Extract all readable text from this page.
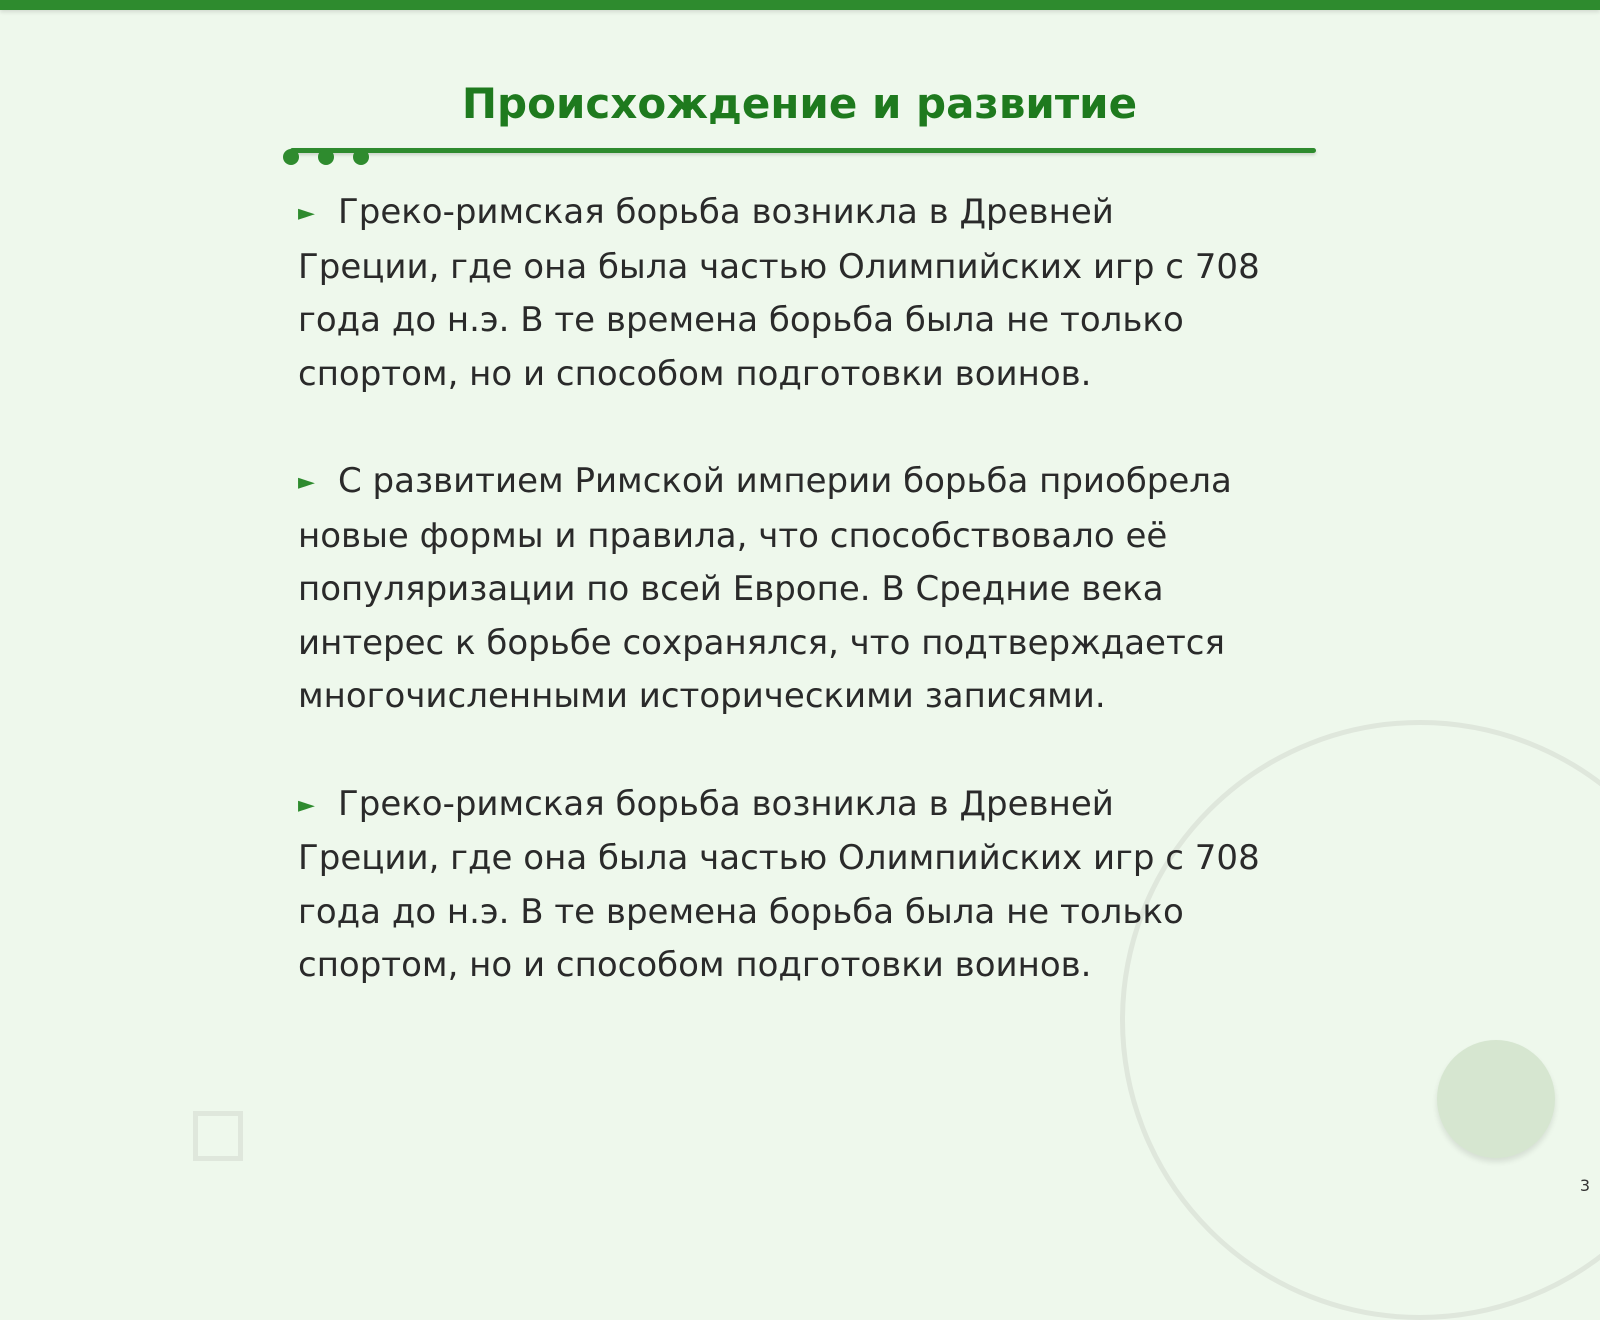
Происхождение и развитие

► Греко-римская борьба возникла в Древней
Греции, где она была частью Олимпийских игр с 708
года до н.э. В те времена борьба была не только
спортом, но и способом подготовки воинов.

► С развитием Римской империи борьба приобрела
новые формы и правила, что способствовало её
популяризации по всей Европе. В Средние века
интерес к борьбе сохранялся, что подтверждается
многочисленными историческими записями.

► Греко-римская борьба возникла в Древней
Греции, где она была частью Олимпийских игр с 708
года до н.э. В те времена борьба была не только
спортом, но и способом подготовки воинов.

3
